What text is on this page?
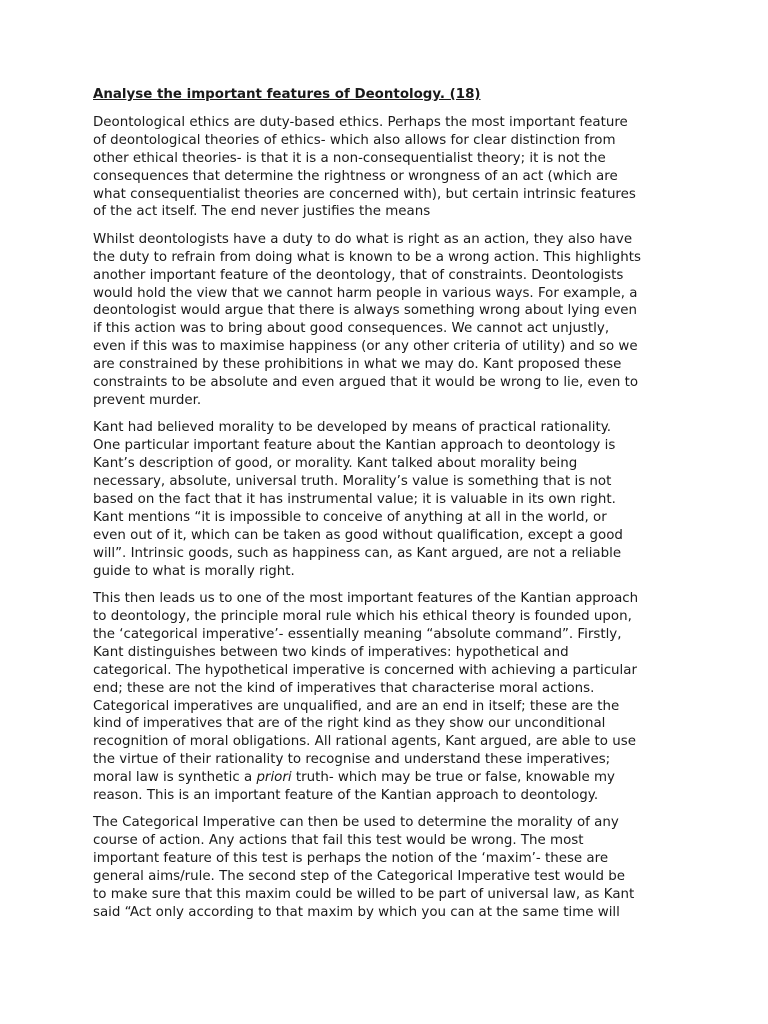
Analyse the important features of Deontology. (18)
Deontological ethics are duty-based ethics. Perhaps the most important feature
of deontological theories of ethics- which also allows for clear distinction from
other ethical theories- is that it is a non-consequentialist theory; it is not the
consequences that determine the rightness or wrongness of an act (which are
what consequentialist theories are concerned with), but certain intrinsic features
of the act itself. The end never justifies the means
Whilst deontologists have a duty to do what is right as an action, they also have
the duty to refrain from doing what is known to be a wrong action. This highlights
another important feature of the deontology, that of constraints. Deontologists
would hold the view that we cannot harm people in various ways. For example, a
deontologist would argue that there is always something wrong about lying even
if this action was to bring about good consequences. We cannot act unjustly,
even if this was to maximise happiness (or any other criteria of utility) and so we
are constrained by these prohibitions in what we may do. Kant proposed these
constraints to be absolute and even argued that it would be wrong to lie, even to
prevent murder.
Kant had believed morality to be developed by means of practical rationality.
One particular important feature about the Kantian approach to deontology is
Kant’s description of good, or morality. Kant talked about morality being
necessary, absolute, universal truth. Morality’s value is something that is not
based on the fact that it has instrumental value; it is valuable in its own right.
Kant mentions “it is impossible to conceive of anything at all in the world, or
even out of it, which can be taken as good without qualification, except a good
will”. Intrinsic goods, such as happiness can, as Kant argued, are not a reliable
guide to what is morally right.
This then leads us to one of the most important features of the Kantian approach
to deontology, the principle moral rule which his ethical theory is founded upon,
the ‘categorical imperative’- essentially meaning “absolute command”. Firstly,
Kant distinguishes between two kinds of imperatives: hypothetical and
categorical. The hypothetical imperative is concerned with achieving a particular
end; these are not the kind of imperatives that characterise moral actions.
Categorical imperatives are unqualified, and are an end in itself; these are the
kind of imperatives that are of the right kind as they show our unconditional
recognition of moral obligations. All rational agents, Kant argued, are able to use
the virtue of their rationality to recognise and understand these imperatives;
moral law is synthetic a priori truth- which may be true or false, knowable my
reason. This is an important feature of the Kantian approach to deontology.
The Categorical Imperative can then be used to determine the morality of any
course of action. Any actions that fail this test would be wrong. The most
important feature of this test is perhaps the notion of the ‘maxim’- these are
general aims/rule. The second step of the Categorical Imperative test would be
to make sure that this maxim could be willed to be part of universal law, as Kant
said “Act only according to that maxim by which you can at the same time will
